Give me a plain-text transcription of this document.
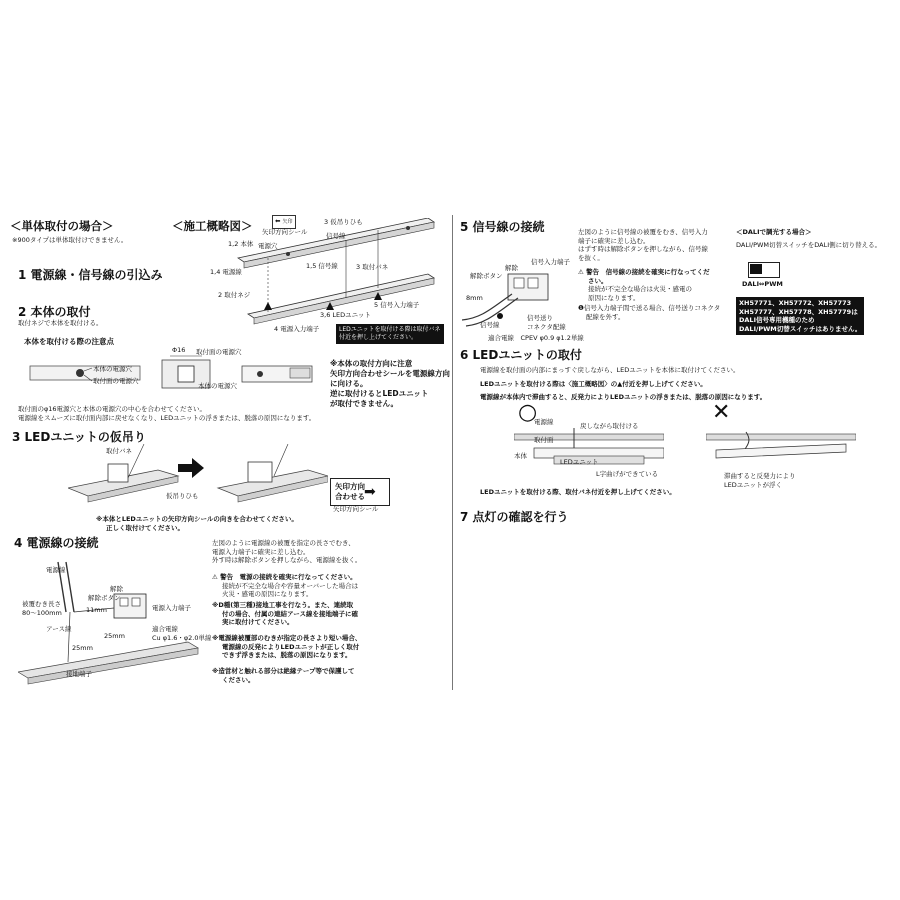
＜単体取付の場合＞
※900タイプは単体取付けできません。
1 電源線・信号線の引込み
2 本体の取付
取付ネジで本体を取付ける。
本体を取付ける際の注意点
本体の電源穴
取付面の電源穴
Φ16 取付面の電源穴
本体の電源穴
※本体の取付方向に注意
矢印方向合わせシールを電源線方向
に向ける。
逆に取付けるとLEDユニット
が取付できません。
取付面のφ16電源穴と本体の電源穴の中心を合わせてください。
電源線をスムーズに取付面内部に戻せなくなり、LEDユニットの浮きまたは、脱落の原因になります。
3 LEDユニットの仮吊り
取付バネ
仮吊りひも
矢印方向
合わせる ➡
矢印方向シール
※本体とLEDユニットの矢印方向シールの向きを合わせてください。
正しく取付けてください。
4 電源線の接続
電源線
被覆むき長さ
80〜100mm
アース線
解除ボタン
解除
電源入力端子
11mm
25mm
25mm
適合電線
Cu φ1.6・φ2.0単線
接地端子
左図のように電源線の被覆を指定の長さでむき、
電源入力端子に確実に差し込む。
外す時は解除ボタンを押しながら、電源線を抜く。
⚠ 警告　電源の接続を確実に行なってください。
接続が不完全な場合や容量オーバーした場合は
火災・感電の原因になります。
※D種(第三種)接地工事を行なう。また、連続取
付の場合、付属の連結アース線を接地端子に確
実に取付けてください。
※電源線被覆部のむきが指定の長さより短い場合、
電源線の反発によりLEDユニットが正しく取付
できず浮きまたは、脱落の原因になります。
※造営材と触れる部分は絶縁テープ等で保護して
ください。
＜施工概略図＞	⬅ 矢印
矢印方向シール
1,2 本体 電源穴
信号線
3 仮吊りひも
1,4 電源線
1,5 信号線	3 取付バネ
2 取付ネジ
5 信号入力端子
3,6 LEDユニット
4 電源入力端子	LEDユニットを取付ける際は取付バネ
付近を押し上げてください。
5 信号線の接続
解除
解除ボタン
信号入力端子
8mm
信号線
信号送り
コネクタ配線
適合電線　CPEV φ0.9 φ1.2単線
左図のように信号線の被覆をむき、信号入力
端子に確実に差し込む。
はずす時は解除ボタンを押しながら、信号線
を抜く。
⚠ 警告　信号線の接続を確実に行なってくだ
さい。
接続が不完全な場合は火災・感電の
原因になります。
❶信号入力端子間で送る場合、信号送りコネクタ
配線を外す。
＜DALIで調光する場合＞
DALI/PWM切替スイッチをDALI側に切り替える。
DALI⇔PWM
XH57771、XH57772、XH57773
XH57777、XH57778、XH57779は
DALI信号専用機種のため
DALI/PWM切替スイッチはありません。
6 LEDユニットの取付
電源線を取付面の内部にまっすぐ戻しながら、LEDユニットを本体に取付けてください。
LEDユニットを取付ける際は〈施工概略図〉の▲付近を押し上げてください。
電源線が本体内で滞曲すると、反発力によりLEDユニットの浮きまたは、脱落の原因になります。
○	✕
電源線	戻しながら取付ける
取付面
本体
LEDユニット
L字曲げができている	滞曲すると反発力により
LEDユニットが浮く
LEDユニットを取付ける際、取付バネ付近を押し上げてください。
7 点灯の確認を行う
